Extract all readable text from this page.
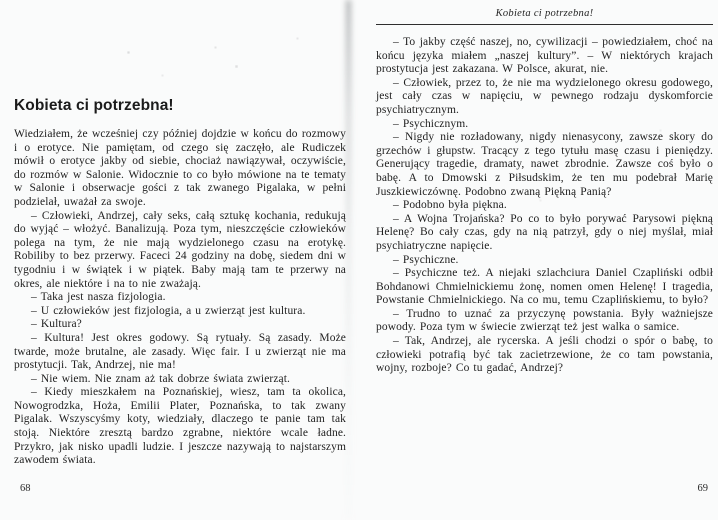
Kobieta ci potrzebna!

Wiedziałem, że wcześniej czy później dojdzie w końcu do rozmowy i o erotyce. Nie pamiętam, od czego się zaczęło, ale Rudiczek mówił o erotyce jakby od siebie, chociaż nawiązywał, oczywiście, do rozmów w Salonie. Widocznie to co było mówione na te tematy w Salonie i obserwacje gości z tak zwanego Pigalaka, w pełni podzielał, uważał za swoje.

– Człowieki, Andrzej, cały seks, całą sztukę kochania, redukują do wyjąć – włożyć. Banalizują. Poza tym, nieszczęście człowieków polega na tym, że nie mają wydzielonego czasu na erotykę. Robiliby to bez przerwy. Faceci 24 godziny na dobę, siedem dni w tygodniu i w świątek i w piątek. Baby mają tam te przerwy na okres, ale niektóre i na to nie zważają.

– Taka jest nasza fizjologia.

– U człowieków jest fizjologia, a u zwierząt jest kultura.

– Kultura?

– Kultura! Jest okres godowy. Są rytuały. Są zasady. Może twarde, może brutalne, ale zasady. Więc fair. I u zwierząt nie ma prostytucji. Tak, Andrzej, nie ma!

– Nie wiem. Nie znam aż tak dobrze świata zwierząt.

– Kiedy mieszkałem na Poznańskiej, wiesz, tam ta okolica, Nowogrodzka, Hoża, Emilii Plater, Poznańska, to tak zwany Pigalak. Wszyscyśmy koty, wiedziały, dlaczego te panie tam tak stoją. Niektóre zresztą bardzo zgrabne, niektóre wcale ładne. Przykro, jak nisko upadli ludzie. I jeszcze nazywają to najstarszym zawodem świata.

68
Kobieta ci potrzebna!

– To jakby część naszej, no, cywilizacji – powiedziałem, choć na końcu języka miałem „naszej kultury”. – W niektórych krajach prostytucja jest zakazana. W Polsce, akurat, nie.

– Człowiek, przez to, że nie ma wydzielonego okresu godowego, jest cały czas w napięciu, w pewnego rodzaju dyskomforcie psychiatrycznym.

– Psychicznym.

– Nigdy nie rozładowany, nigdy nienasycony, zawsze skory do grzechów i głupstw. Tracący z tego tytułu masę czasu i pieniędzy. Generujący tragedie, dramaty, nawet zbrodnie. Zawsze coś było o babę. A to Dmowski z Piłsudskim, że ten mu podebrał Marię Juszkiewiczównę. Podobno zwaną Piękną Panią?

– Podobno była piękna.

– A Wojna Trojańska? Po co to było porywać Parysowi piękną Helenę? Bo cały czas, gdy na nią patrzył, gdy o niej myślał, miał psychiatryczne napięcie.

– Psychiczne.

– Psychiczne też. A niejaki szlachciura Daniel Czapliński odbił Bohdanowi Chmielnickiemu żonę, nomen omen Helenę! I tragedia, Powstanie Chmielnickiego. Na co mu, temu Czaplińskiemu, to było?

– Trudno to uznać za przyczynę powstania. Były ważniejsze powody. Poza tym w świecie zwierząt też jest walka o samice.

– Tak, Andrzej, ale rycerska. A jeśli chodzi o spór o babę, to człowieki potrafią być tak zacietrzewione, że co tam powstania, wojny, rozboje? Co tu gadać, Andrzej?

69
